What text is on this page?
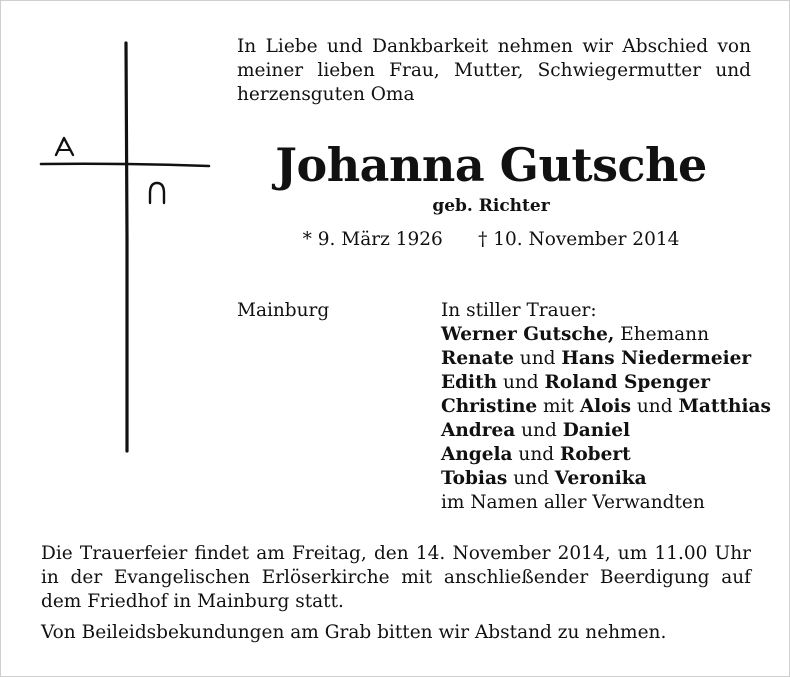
In Liebe und Dankbarkeit nehmen wir Abschied von meiner lieben Frau, Mutter, Schwiegermutter und herzensguten Oma
Johanna Gutsche
geb. Richter
* 9. März 1926 † 10. November 2014
Mainburg	In stiller Trauer:
Werner Gutsche, Ehemann
Renate und Hans Niedermeier
Edith und Roland Spenger
Christine mit Alois und Matthias
Andrea und Daniel
Angela und Robert
Tobias und Veronika
im Namen aller Verwandten
Die Trauerfeier findet am Freitag, den 14. November 2014, um 11.00 Uhr in der Evangelischen Erlöserkirche mit anschließender Beerdigung auf dem Friedhof in Mainburg statt.
Von Beileidsbekundungen am Grab bitten wir Abstand zu nehmen.
